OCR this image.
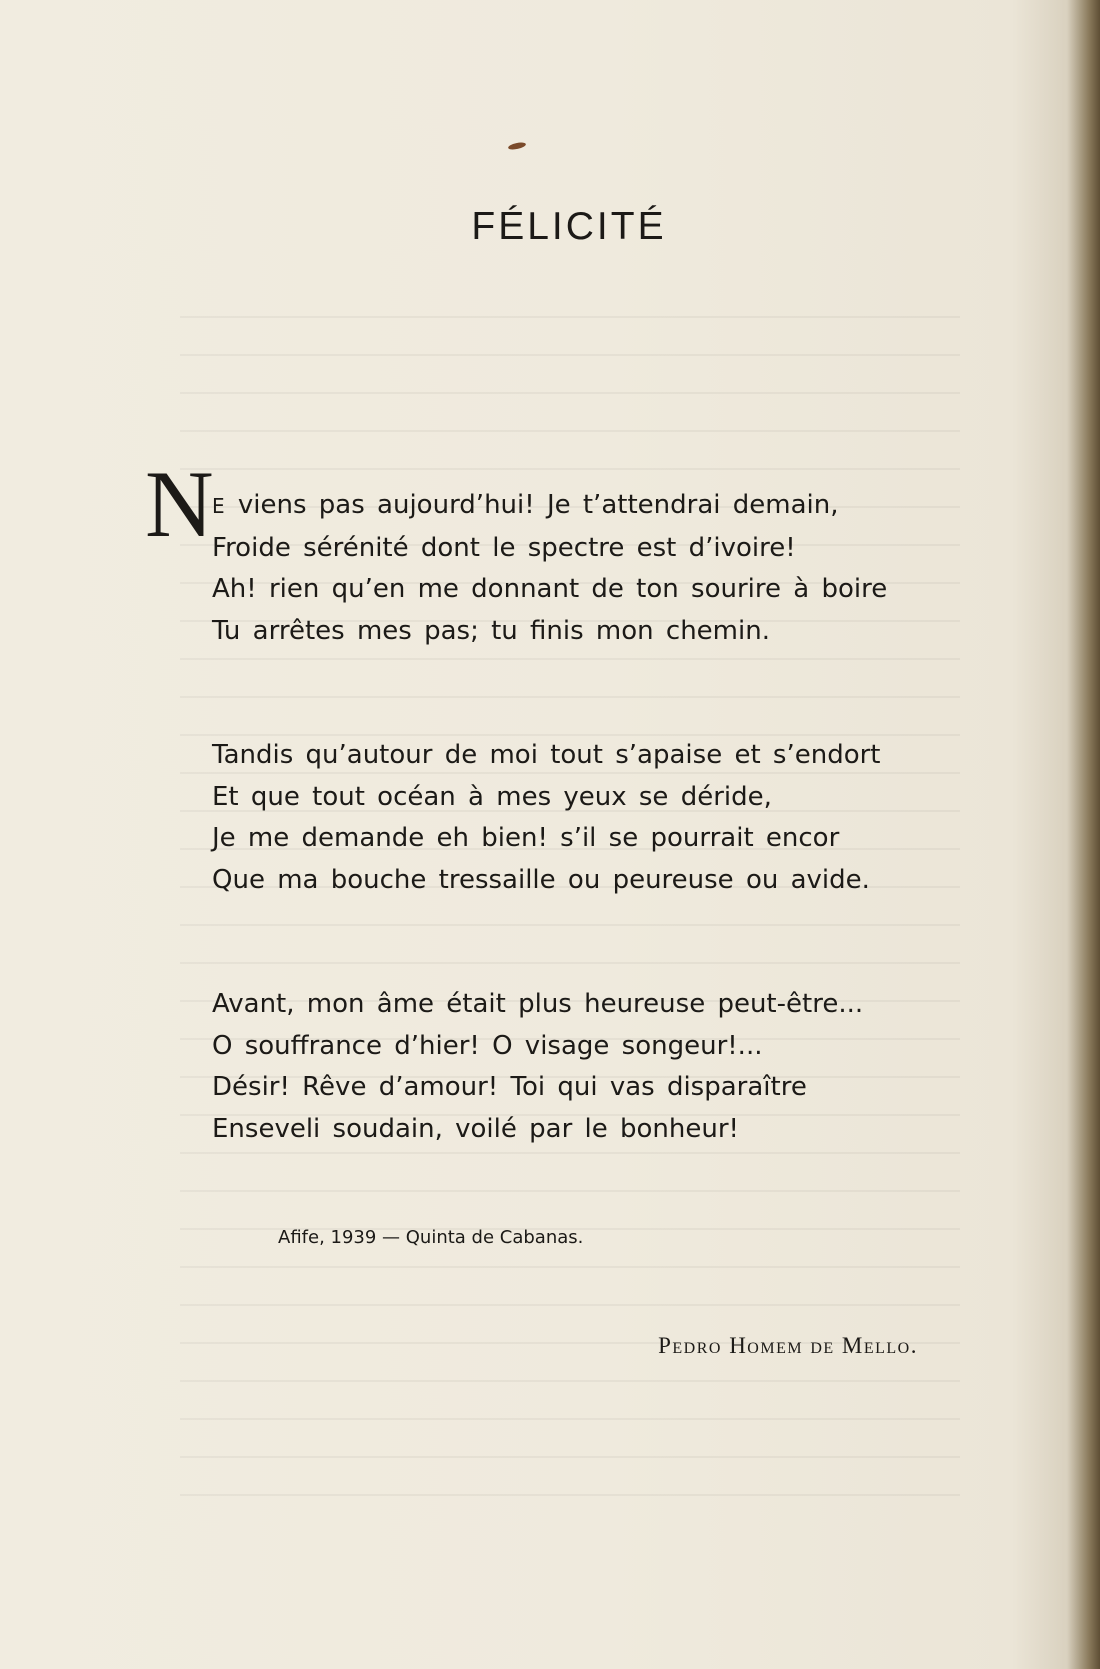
FÉLICITÉ
N

E viens pas aujourd’hui! Je t’attendrai demain,
Froide sérénité dont le spectre est d’ivoire!
Ah! rien qu’en me donnant de ton sourire à boire
Tu arrêtes mes pas; tu finis mon chemin.

Tandis qu’autour de moi tout s’apaise et s’endort
Et que tout océan à mes yeux se déride,
Je me demande eh bien! s’il se pourrait encor
Que ma bouche tressaille ou peureuse ou avide.

Avant, mon âme était plus heureuse peut-être...
O souffrance d’hier! O visage songeur!...
Désir! Rêve d’amour! Toi qui vas disparaître
Enseveli soudain, voilé par le bonheur!

Afife, 1939 — Quinta de Cabanas.
Pedro Homem de Mello.
